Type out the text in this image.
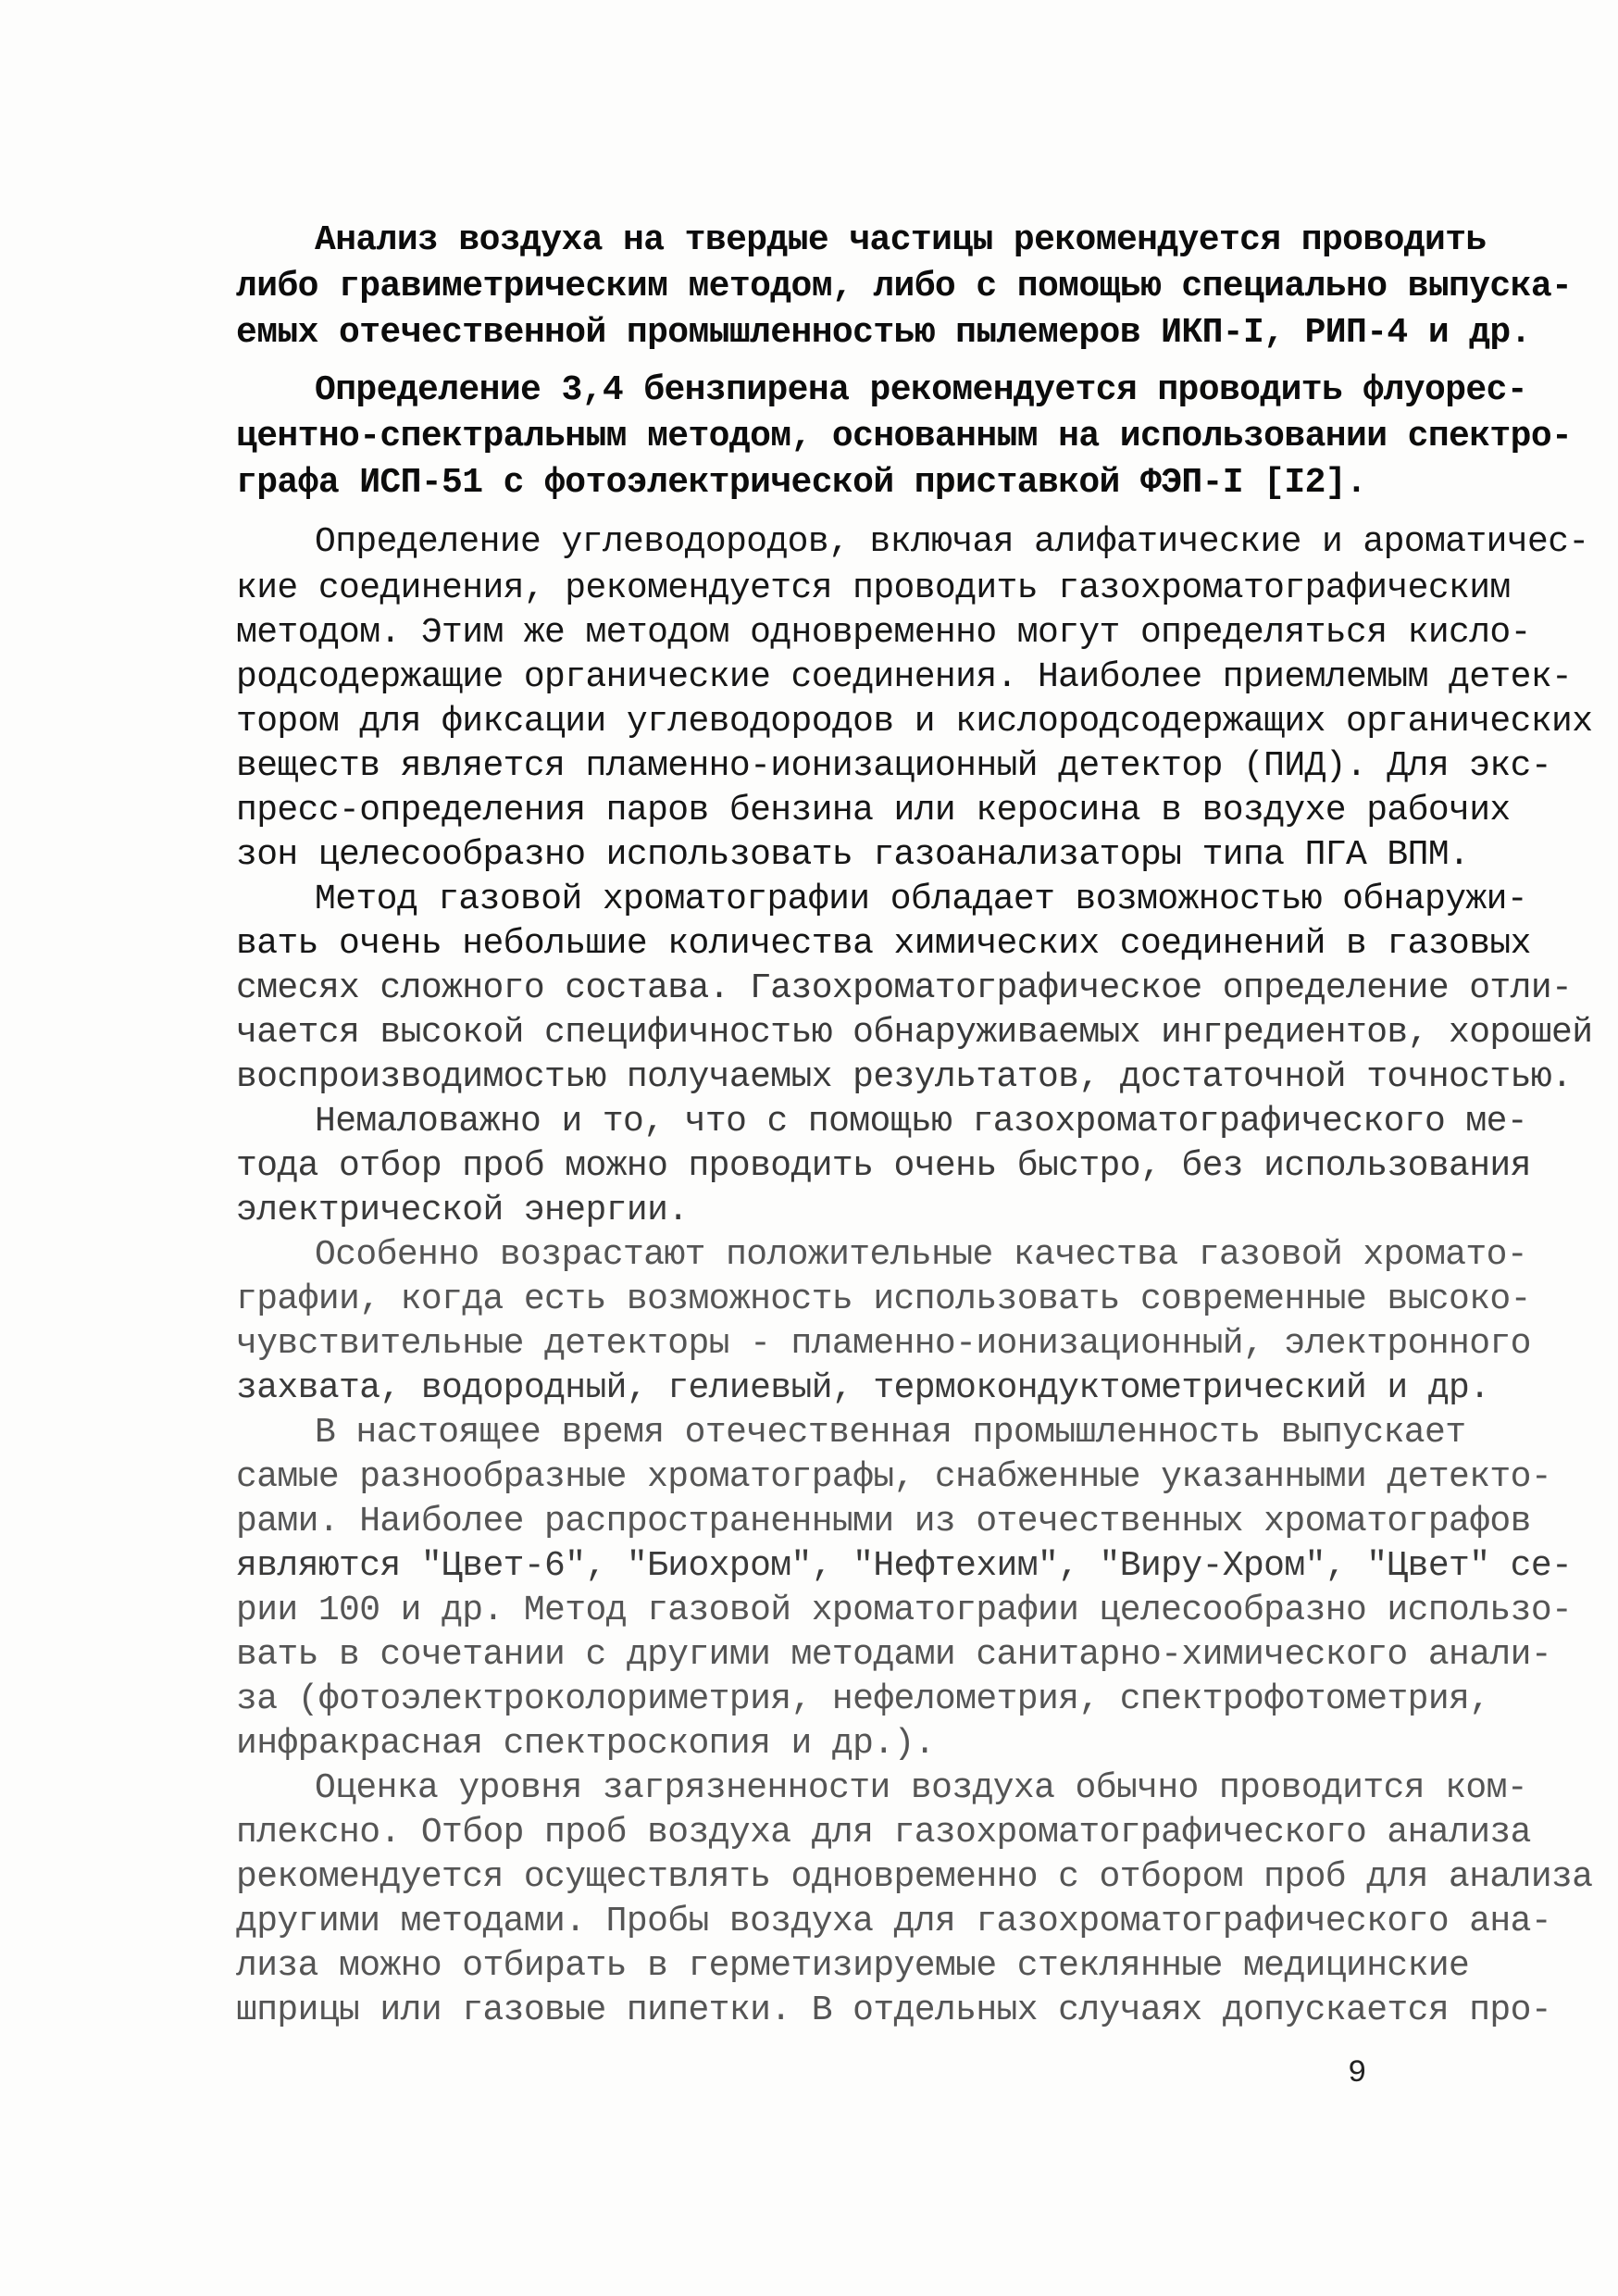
Анализ воздуха на твердые частицы рекомендуется проводить
либо гравиметрическим методом, либо с помощью специально выпуска-
емых отечественной промышленностью пылемеров ИКП-I, РИП-4 и др.
Определение 3,4 бензпирена рекомендуется проводить флуорес-
центно-спектральным методом, основанным на использовании спектро-
графа ИСП-51 с фотоэлектрической приставкой ФЭП-I [I2].
Определение углеводородов, включая алифатические и ароматичес-
кие соединения, рекомендуется проводить газохроматографическим
методом. Этим же методом одновременно могут определяться кисло-
родсодержащие органические соединения. Наиболее приемлемым детек-
тором для фиксации углеводородов и кислородсодержащих органических
веществ является пламенно-ионизационный детектор (ПИД). Для экс-
пресс-определения паров бензина или керосина в воздухе рабочих
зон целесообразно использовать газоанализаторы типа ПГА ВПМ.
Метод газовой хроматографии обладает возможностью обнаружи-
вать очень небольшие количества химических соединений в газовых
смесях сложного состава. Газохроматографическое определение отли-
чается высокой специфичностью обнаруживаемых ингредиентов, хорошей
воспроизводимостью получаемых результатов, достаточной точностью.
Немаловажно и то, что с помощью газохроматографического ме-
тода отбор проб можно проводить очень быстро, без использования
электрической энергии.
Особенно возрастают положительные качества газовой хромато-
графии, когда есть возможность использовать современные высоко-
чувствительные детекторы - пламенно-ионизационный, электронного
захвата, водородный, гелиевый, термокондуктометрический и др.
В настоящее время отечественная промышленность выпускает
самые разнообразные хроматографы, снабженные указанными детекто-
рами. Наиболее распространенными из отечественных хроматографов
являются "Цвет-6", "Биохром", "Нефтехим", "Виру-Хром", "Цвет" се-
рии 100 и др. Метод газовой хроматографии целесообразно использо-
вать в сочетании с другими методами санитарно-химического анали-
за (фотоэлектроколориметрия, нефелометрия, спектрофотометрия,
инфракрасная спектроскопия и др.).
Оценка уровня загрязненности воздуха обычно проводится ком-
плексно. Отбор проб воздуха для газохроматографического анализа
рекомендуется осуществлять одновременно с отбором проб для анализа
другими методами. Пробы воздуха для газохроматографического ана-
лиза можно отбирать в герметизируемые стеклянные медицинские
шприцы или газовые пипетки. В отдельных случаях допускается про-
9
